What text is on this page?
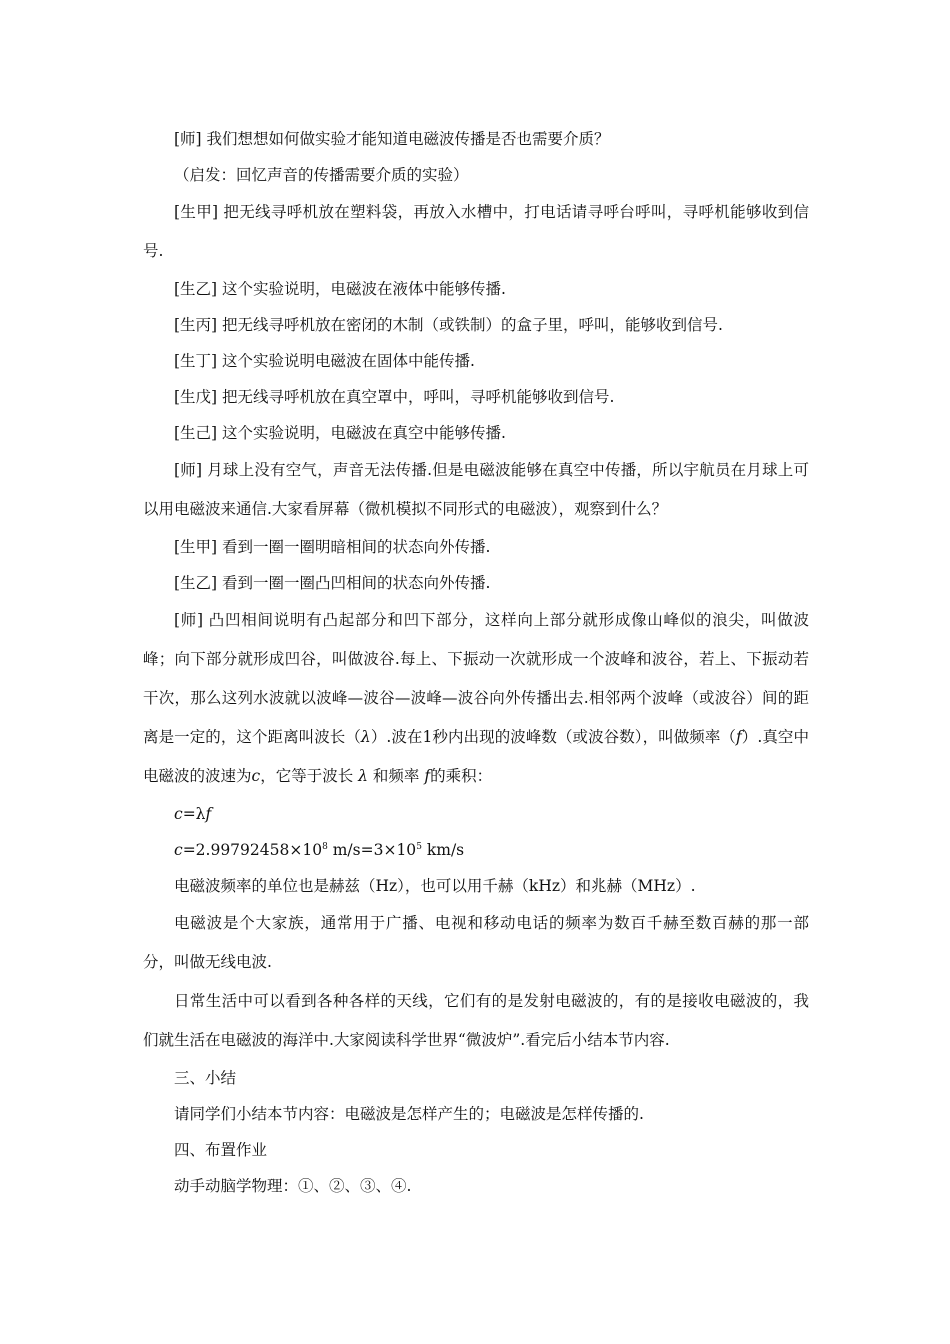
[师] 我们想想如何做实验才能知道电磁波传播是否也需要介质？

（启发：回忆声音的传播需要介质的实验）

[生甲] 把无线寻呼机放在塑料袋，再放入水槽中，打电话请寻呼台呼叫，寻呼机能够收到信号.

[生乙] 这个实验说明，电磁波在液体中能够传播.

[生丙] 把无线寻呼机放在密闭的木制（或铁制）的盒子里，呼叫，能够收到信号.

[生丁] 这个实验说明电磁波在固体中能传播.

[生戊] 把无线寻呼机放在真空罩中，呼叫，寻呼机能够收到信号.

[生己] 这个实验说明，电磁波在真空中能够传播.

[师] 月球上没有空气，声音无法传播.但是电磁波能够在真空中传播，所以宇航员在月球上可以用电磁波来通信.大家看屏幕（微机模拟不同形式的电磁波），观察到什么？

[生甲] 看到一圈一圈明暗相间的状态向外传播.

[生乙] 看到一圈一圈凸凹相间的状态向外传播.

[师] 凸凹相间说明有凸起部分和凹下部分，这样向上部分就形成像山峰似的浪尖，叫做波峰；向下部分就形成凹谷，叫做波谷.每上、下振动一次就形成一个波峰和波谷，若上、下振动若干次，那么这列水波就以波峰—波谷—波峰—波谷向外传播出去.相邻两个波峰（或波谷）间的距离是一定的，这个距离叫波长（λ）.波在1秒内出现的波峰数（或波谷数），叫做频率（f）.真空中电磁波的波速为c，它等于波长 λ 和频率 f的乘积：

c=λf

$c=2.99792458\times 10^8$ $m/s=3\times 10^5$ km/s

电磁波频率的单位也是赫兹（Hz），也可以用千赫（kHz）和兆赫（MHz）.

电磁波是个大家族，通常用于广播、电视和移动电话的频率为数百千赫至数百赫的那一部分，叫做无线电波.

日常生活中可以看到各种各样的天线，它们有的是发射电磁波的，有的是接收电磁波的，我们就生活在电磁波的海洋中.大家阅读科学世界“微波炉”.看完后小结本节内容.

三、小结

请同学们小结本节内容：电磁波是怎样产生的；电磁波是怎样传播的.

四、布置作业

动手动脑学物理：①、②、③、④.
